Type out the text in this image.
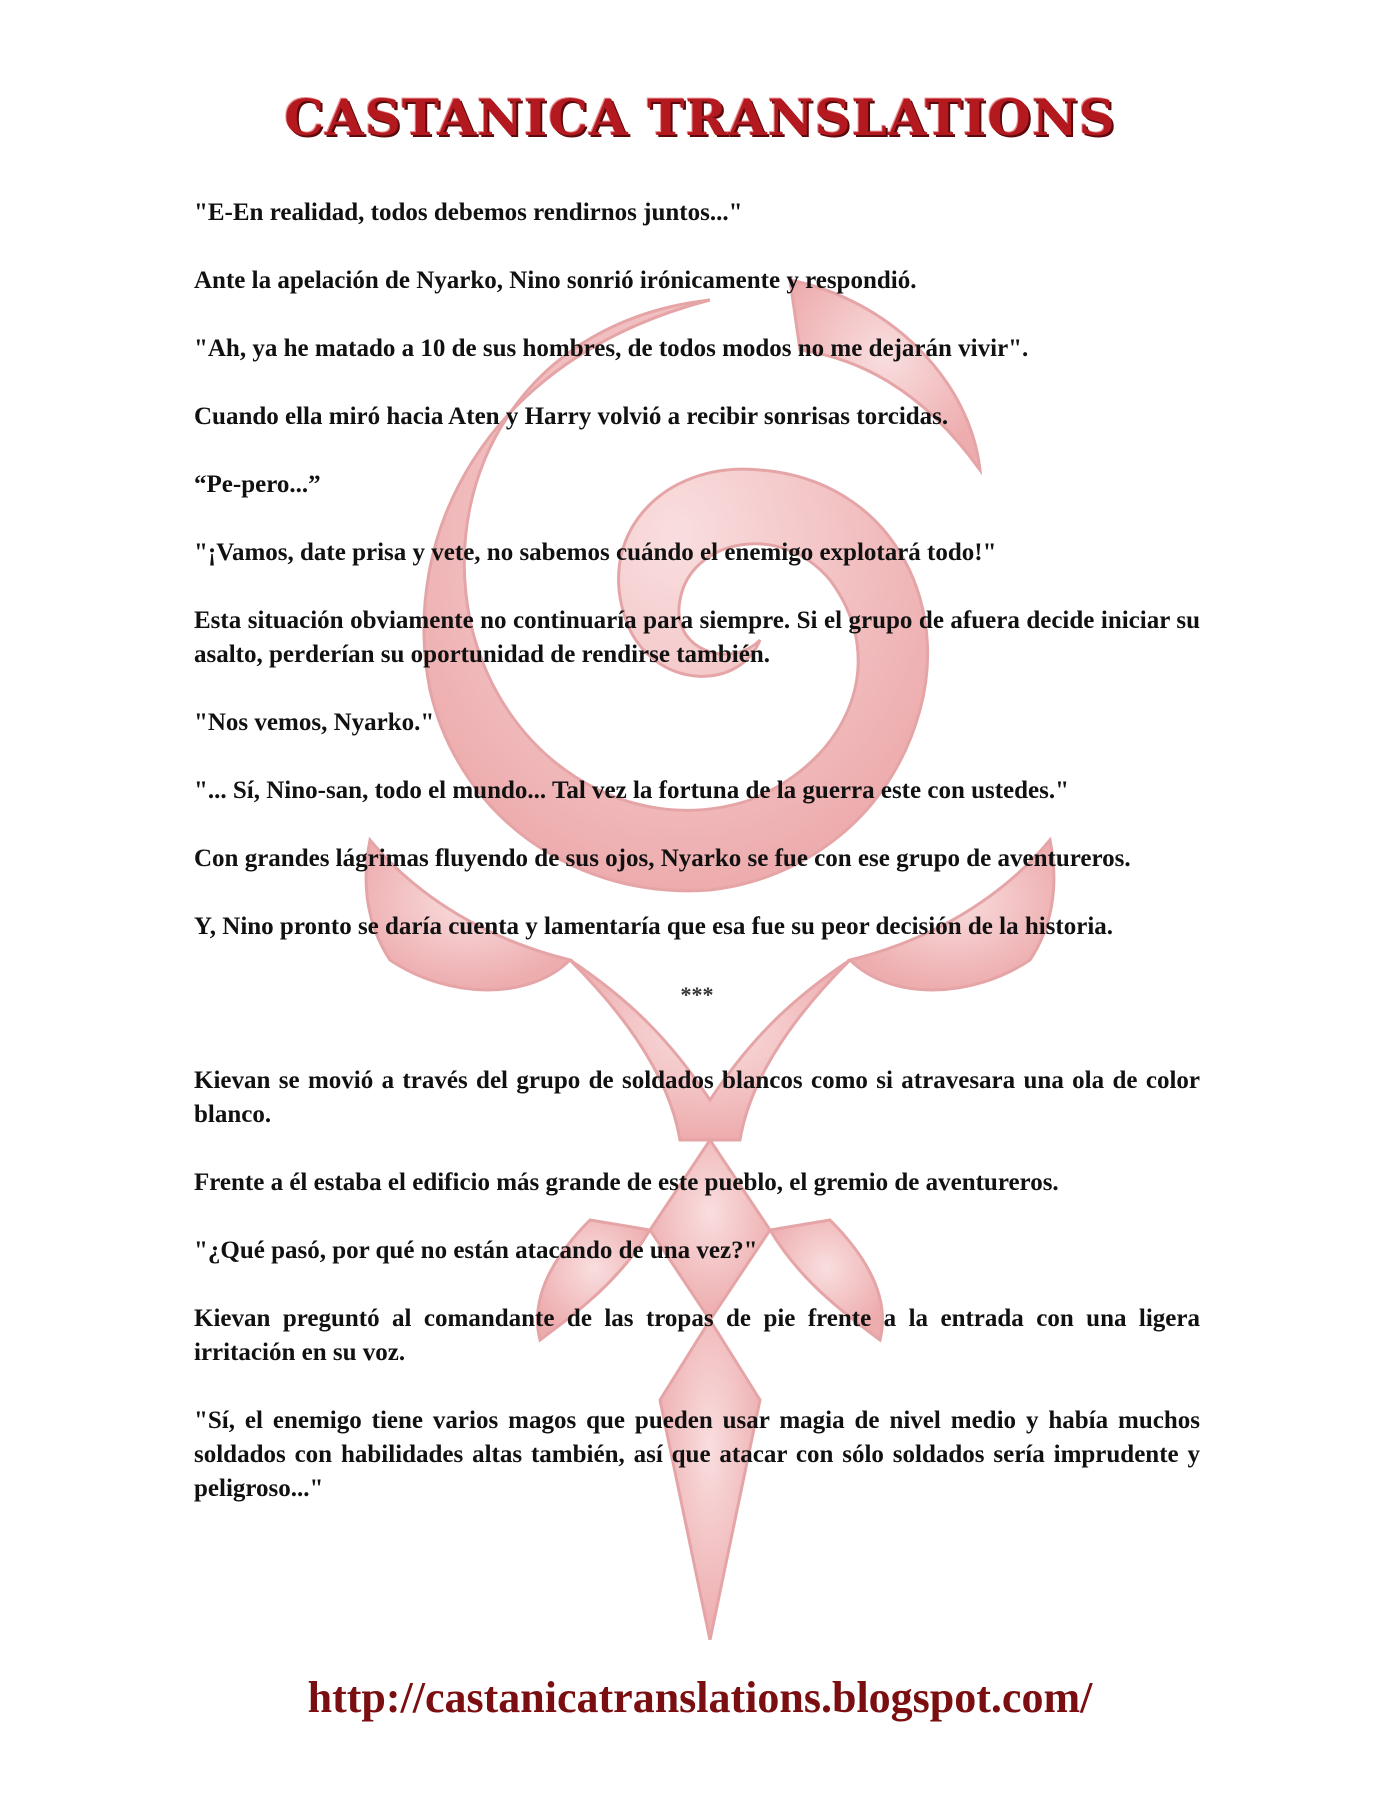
CASTANICA TRANSLATIONS

"E-En realidad, todos debemos rendirnos juntos..."

Ante la apelación de Nyarko, Nino sonrió irónicamente y respondió.

"Ah, ya he matado a 10 de sus hombres, de todos modos no me dejarán vivir".

Cuando ella miró hacia Aten y Harry volvió a recibir sonrisas torcidas.

“Pe-pero...”

"¡Vamos, date prisa y vete, no sabemos cuándo el enemigo explotará todo!"

Esta situación obviamente no continuaría para siempre. Si el grupo de afuera decide iniciar su asalto, perderían su oportunidad de rendirse también.

"Nos vemos, Nyarko."

"... Sí, Nino-san, todo el mundo... Tal vez la fortuna de la guerra este con ustedes."

Con grandes lágrimas fluyendo de sus ojos, Nyarko se fue con ese grupo de aventureros.

Y, Nino pronto se daría cuenta y lamentaría que esa fue su peor decisión de la historia.

***

Kievan se movió a través del grupo de soldados blancos como si atravesara una ola de color blanco.

Frente a él estaba el edificio más grande de este pueblo, el gremio de aventureros.

"¿Qué pasó, por qué no están atacando de una vez?"

Kievan preguntó al comandante de las tropas de pie frente a la entrada con una ligera irritación en su voz.

"Sí, el enemigo tiene varios magos que pueden usar magia de nivel medio y había muchos soldados con habilidades altas también, así que atacar con sólo soldados sería imprudente y peligroso..."

http://castanicatranslations.blogspot.com/
